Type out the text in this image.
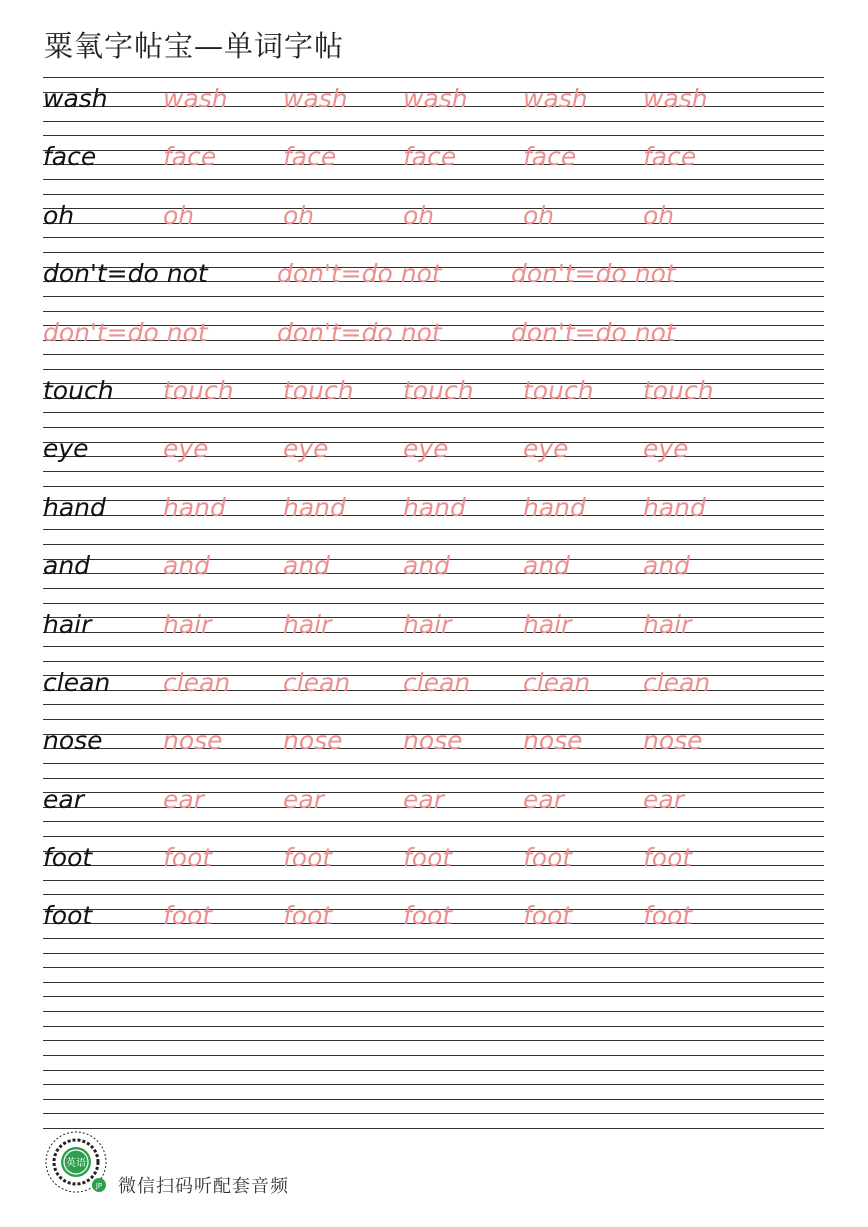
粟氧字帖宝—单词字帖
wash wash wash wash wash wash
face	face	face	face	face	face
oh	oh	oh	oh	oh	oh
don't=do not	don't=do not	don't=do not
don't=do not	don't=do not	don't=do not
touch touch touch touch touch touch
eye	eye	eye	eye	eye	eye
hand hand hand hand hand hand
and	and	and	and	and	and
hair	hair	hair	hair	hair	hair
clean clean clean clean clean clean
nose nose nose nose nose nose
ear	ear	ear	ear	ear	ear
foot	foot	foot	foot	foot	foot
foot	foot	foot	foot	foot	foot
英语
JP 微信扫码听配套音频
